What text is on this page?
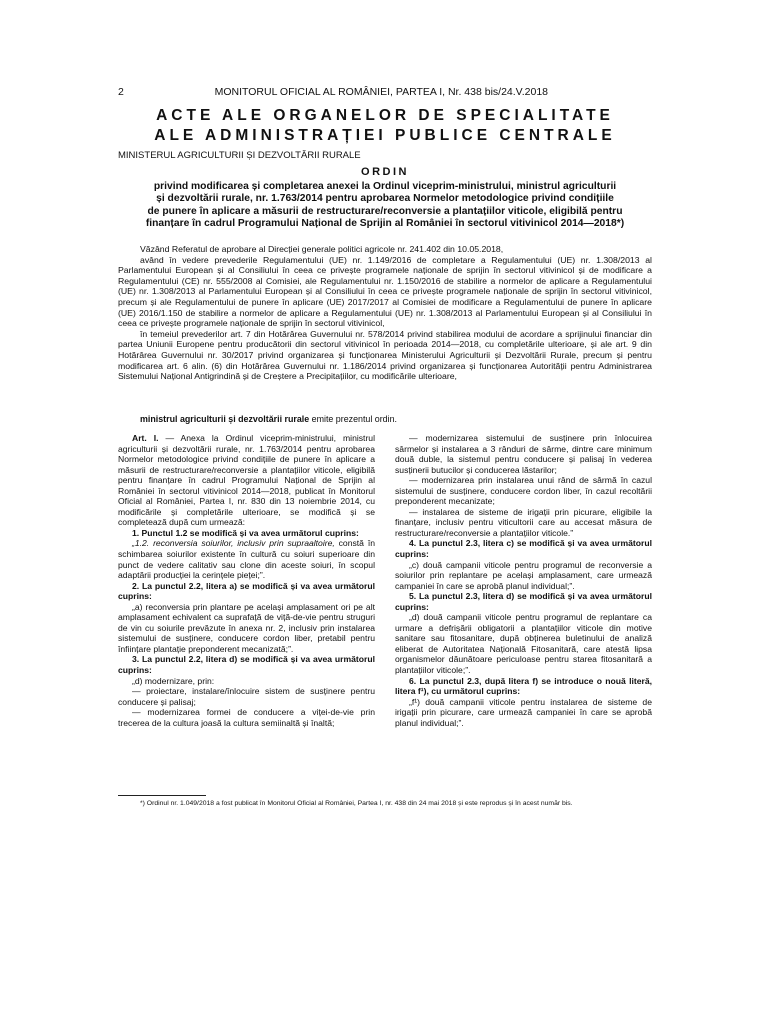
2	MONITORUL OFICIAL AL ROMÂNIEI, PARTEA I, Nr. 438 bis/24.V.2018
ACTE ALE ORGANELOR DE SPECIALITATE
ALE ADMINISTRAȚIEI PUBLICE CENTRALE
MINISTERUL AGRICULTURII ȘI DEZVOLTĂRII RURALE
ORDIN
privind modificarea și completarea anexei la Ordinul viceprim-ministrului, ministrul agriculturii
și dezvoltării rurale, nr. 1.763/2014 pentru aprobarea Normelor metodologice privind condițiile
de punere în aplicare a măsurii de restructurare/reconversie a plantațiilor viticole, eligibilă pentru
finanțare în cadrul Programului Național de Sprijin al României în sectorul vitivinicol 2014—2018*)

Văzând Referatul de aprobare al Direcției generale politici agricole nr. 241.402 din 10.05.2018,

având în vedere prevederile Regulamentului (UE) nr. 1.149/2016 de completare a Regulamentului (UE) nr. 1.308/2013 al Parlamentului European și al Consiliului în ceea ce privește programele naționale de sprijin în sectorul vitivinicol și de modificare a Regulamentului (CE) nr. 555/2008 al Comisiei, ale Regulamentului nr. 1.150/2016 de stabilire a normelor de aplicare a Regulamentului (UE) nr. 1.308/2013 al Parlamentului European și al Consiliului în ceea ce privește programele naționale de sprijin în sectorul vitivinicol, precum și ale Regulamentului de punere în aplicare (UE) 2017/2017 al Comisiei de modificare a Regulamentului de punere în aplicare (UE) 2016/1.150 de stabilire a normelor de aplicare a Regulamentului (UE) nr. 1.308/2013 al Parlamentului European și al Consiliului în ceea ce privește programele naționale de sprijin în sectorul vitivinicol,

în temeiul prevederilor art. 7 din Hotărârea Guvernului nr. 578/2014 privind stabilirea modului de acordare a sprijinului financiar din partea Uniunii Europene pentru producătorii din sectorul vitivinicol în perioada 2014—2018, cu completările ulterioare, și ale art. 9 din Hotărârea Guvernului nr. 30/2017 privind organizarea și funcționarea Ministerului Agriculturii și Dezvoltării Rurale, precum și pentru modificarea art. 6 alin. (6) din Hotărârea Guvernului nr. 1.186/2014 privind organizarea și funcționarea Autorității pentru Administrarea Sistemului Național Antigrindină și de Creștere a Precipitațiilor, cu modificările ulterioare,

ministrul agriculturii și dezvoltării rurale emite prezentul ordin.

Art. I. — Anexa la Ordinul viceprim-ministrului, ministrul agriculturii și dezvoltării rurale, nr. 1.763/2014 pentru aprobarea Normelor metodologice privind condițiile de punere în aplicare a măsurii de restructurare/reconversie a plantațiilor viticole, eligibilă pentru finanțare în cadrul Programului Național de Sprijin al României în sectorul vitivinicol 2014—2018, publicat în Monitorul Oficial al României, Partea I, nr. 830 din 13 noiembrie 2014, cu modificările și completările ulterioare, se modifică și se completează după cum urmează:

1. Punctul 1.2 se modifică și va avea următorul cuprins:

„1.2. reconversia soiurilor, inclusiv prin supraaltoire, constă în schimbarea soiurilor existente în cultură cu soiuri superioare din punct de vedere calitativ sau clone din aceste soiuri, în scopul adaptării producției la cerințele pieței;”.

2. La punctul 2.2, litera a) se modifică și va avea următorul cuprins:

„a) reconversia prin plantare pe același amplasament ori pe alt amplasament echivalent ca suprafață de viță-de-vie pentru struguri de vin cu soiurile prevăzute în anexa nr. 2, inclusiv prin instalarea sistemului de susținere, conducere cordon liber, pretabil pentru înființare plantație preponderent mecanizată;”.

3. La punctul 2.2, litera d) se modifică și va avea următorul cuprins:

„d) modernizare, prin:

— proiectare, instalare/înlocuire sistem de susținere pentru conducere și palisaj;

— modernizarea formei de conducere a viței-de-vie prin trecerea de la cultura joasă la cultura semiinaltă și înaltă;

— modernizarea sistemului de susținere prin înlocuirea sârmelor și instalarea a 3 rânduri de sârme, dintre care minimum două duble, la sistemul pentru conducere și palisaj în vederea susținerii butucilor și conducerea lăstarilor;

— modernizarea prin instalarea unui rând de sârmă în cazul sistemului de susținere, conducere cordon liber, în cazul recoltării preponderent mecanizate;

— instalarea de sisteme de irigații prin picurare, eligibile la finanțare, inclusiv pentru viticultorii care au accesat măsura de restructurare/reconversie a plantațiilor viticole.”

4. La punctul 2.3, litera c) se modifică și va avea următorul cuprins:

„c) două campanii viticole pentru programul de reconversie a soiurilor prin replantare pe același amplasament, care urmează campaniei în care se aprobă planul individual;”.

5. La punctul 2.3, litera d) se modifică și va avea următorul cuprins:

„d) două campanii viticole pentru programul de replantare ca urmare a defrișării obligatorii a plantațiilor viticole din motive sanitare sau fitosanitare, după obținerea buletinului de analiză eliberat de Autoritatea Națională Fitosanitară, care atestă lipsa organismelor dăunătoare periculoase pentru starea fitosanitară a plantațiilor viticole;”.

6. La punctul 2.3, după litera f) se introduce o nouă literă, litera f¹), cu următorul cuprins:

„f¹) două campanii viticole pentru instalarea de sisteme de irigații prin picurare, care urmează campaniei în care se aprobă planul individual;”.

*) Ordinul nr. 1.049/2018 a fost publicat în Monitorul Oficial al României, Partea I, nr. 438 din 24 mai 2018 și este reprodus și în acest număr bis.
